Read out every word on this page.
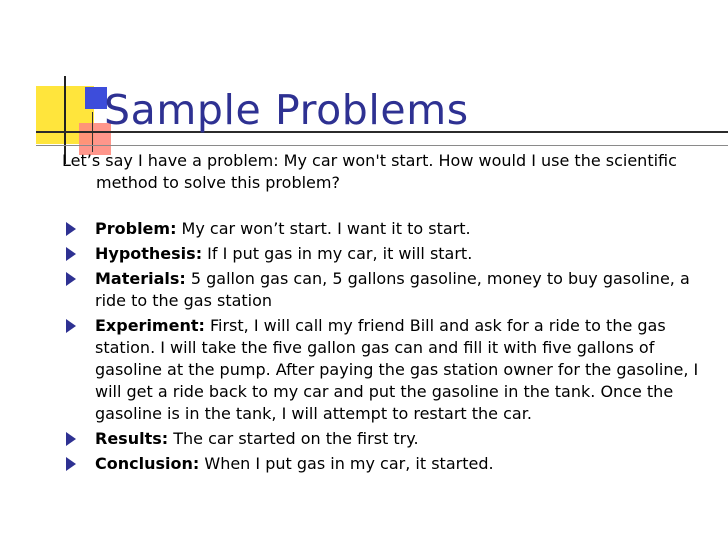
Sample Problems
Let’s say I have a problem: My car won't start. How would I use the scientific method to solve this problem?
Problem: My car won’t start. I want it to start.
Hypothesis: If I put gas in my car, it will start.
Materials: 5 gallon gas can, 5 gallons gasoline, money to buy gasoline, a ride to the gas station
Experiment: First, I will call my friend Bill and ask for a ride to the gas station. I will take the five gallon gas can and fill it with five gallons of gasoline at the pump. After paying the gas station owner for the gasoline, I will get a ride back to my car and put the gasoline in the tank. Once the gasoline is in the tank, I will attempt to restart the car.
Results: The car started on the first try.
Conclusion: When I put gas in my car, it started.
